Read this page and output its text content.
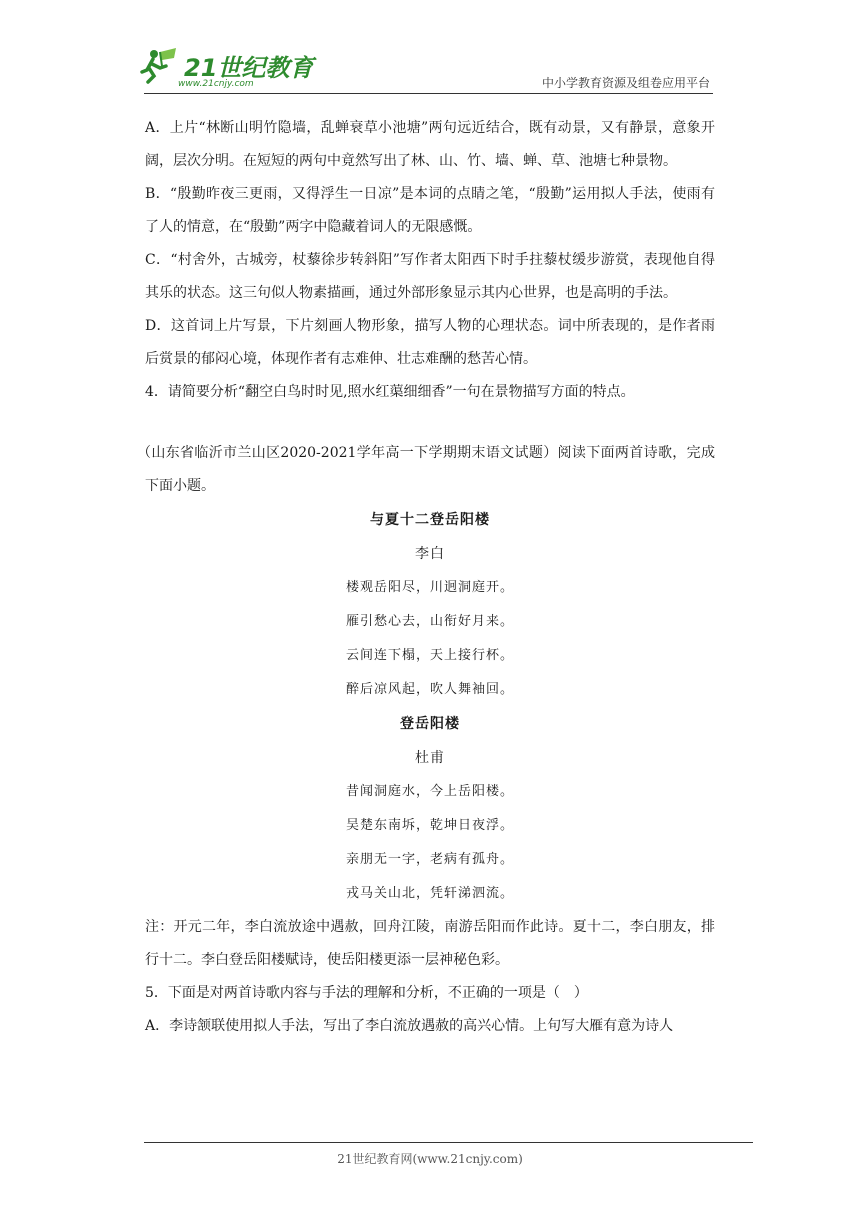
21世纪教育
www.21cnjy.com	中小学教育资源及组卷应用平台

A．上片“林断山明竹隐墙，乱蝉衰草小池塘”两句远近结合，既有动景，又有静景，意象开阔，层次分明。在短短的两句中竟然写出了林、山、竹、墙、蝉、草、池塘七种景物。

B．“殷勤昨夜三更雨，又得浮生一日凉”是本词的点睛之笔，“殷勤”运用拟人手法，使雨有了人的情意，在“殷勤”两字中隐藏着词人的无限感慨。

C．“村舍外，古城旁，杖藜徐步转斜阳”写作者太阳西下时手拄藜杖缓步游赏，表现他自得其乐的状态。这三句似人物素描画，通过外部形象显示其内心世界，也是高明的手法。

D．这首词上片写景，下片刻画人物形象，描写人物的心理状态。词中所表现的，是作者雨后赏景的郁闷心境，体现作者有志难伸、壮志难酬的愁苦心情。

4．请简要分析“翻空白鸟时时见,照水红蕖细细香”一句在景物描写方面的特点。

（山东省临沂市兰山区2020-2021学年高一下学期期末语文试题）阅读下面两首诗歌，完成下面小题。

与夏十二登岳阳楼
李白
楼观岳阳尽，川迥洞庭开。
雁引愁心去，山衔好月来。
云间连下榻，天上接行杯。
醉后凉风起，吹人舞袖回。
登岳阳楼
杜甫
昔闻洞庭水，今上岳阳楼。
吴楚东南坼，乾坤日夜浮。
亲朋无一字，老病有孤舟。
戎马关山北，凭轩涕泗流。

注：开元二年，李白流放途中遇赦，回舟江陵，南游岳阳而作此诗。夏十二，李白朋友，排行十二。李白登岳阳楼赋诗，使岳阳楼更添一层神秘色彩。

5．下面是对两首诗歌内容与手法的理解和分析，不正确的一项是（　）

A．李诗颔联使用拟人手法，写出了李白流放遇赦的高兴心情。上句写大雁有意为诗人

21世纪教育网(www.21cnjy.com)
